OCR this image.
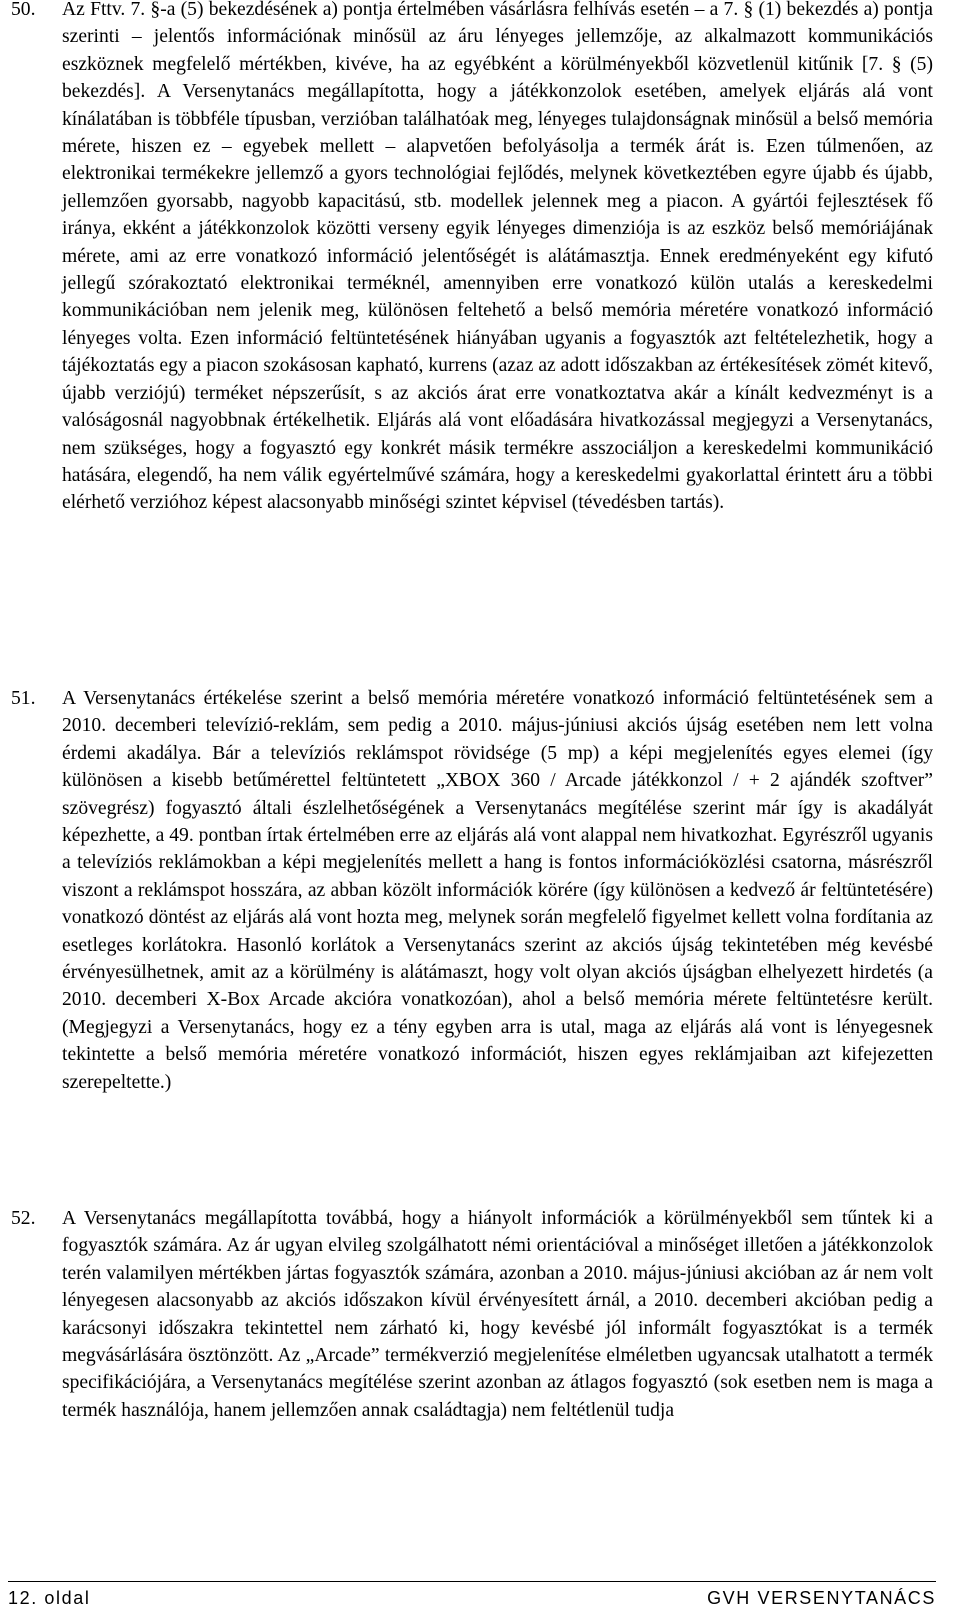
50. Az Fttv. 7. §-a (5) bekezdésének a) pontja értelmében vásárlásra felhívás esetén – a 7. § (1) bekezdés a) pontja szerinti – jelentős információnak minősül az áru lényeges jellemzője, az alkalmazott kommunikációs eszköznek megfelelő mértékben, kivéve, ha az egyébként a körülményekből közvetlenül kitűnik [7. § (5) bekezdés]. A Versenytanács megállapította, hogy a játékkonzolok esetében, amelyek eljárás alá vont kínálatában is többféle típusban, verzióban találhatóak meg, lényeges tulajdonságnak minősül a belső memória mérete, hiszen ez – egyebek mellett – alapvetően befolyásolja a termék árát is. Ezen túlmenően, az elektronikai termékekre jellemző a gyors technológiai fejlődés, melynek következtében egyre újabb és újabb, jellemzően gyorsabb, nagyobb kapacitású, stb. modellek jelennek meg a piacon. A gyártói fejlesztések fő iránya, ekként a játékkonzolok közötti verseny egyik lényeges dimenziója is az eszköz belső memóriájának mérete, ami az erre vonatkozó információ jelentőségét is alátámasztja. Ennek eredményeként egy kifutó jellegű szórakoztató elektronikai terméknél, amennyiben erre vonatkozó külön utalás a kereskedelmi kommunikációban nem jelenik meg, különösen feltehető a belső memória méretére vonatkozó információ lényeges volta. Ezen információ feltüntetésének hiányában ugyanis a fogyasztók azt feltételezhetik, hogy a tájékoztatás egy a piacon szokásosan kapható, kurrens (azaz az adott időszakban az értékesítések zömét kitevő, újabb verziójú) terméket népszerűsít, s az akciós árat erre vonatkoztatva akár a kínált kedvezményt is a valóságosnál nagyobbnak értékelhetik. Eljárás alá vont előadására hivatkozással megjegyzi a Versenytanács, nem szükséges, hogy a fogyasztó egy konkrét másik termékre asszociáljon a kereskedelmi kommunikáció hatására, elegendő, ha nem válik egyértelművé számára, hogy a kereskedelmi gyakorlattal érintett áru a többi elérhető verzióhoz képest alacsonyabb minőségi szintet képvisel (tévedésben tartás).

51. A Versenytanács értékelése szerint a belső memória méretére vonatkozó információ feltüntetésének sem a 2010. decemberi televízió-reklám, sem pedig a 2010. május-júniusi akciós újság esetében nem lett volna érdemi akadálya. Bár a televíziós reklámspot rövidsége (5 mp) a képi megjelenítés egyes elemei (így különösen a kisebb betűmérettel feltüntetett „XBOX 360 / Arcade játékkonzol / + 2 ajándék szoftver” szövegrész) fogyasztó általi észlelhetőségének a Versenytanács megítélése szerint már így is akadályát képezhette, a 49. pontban írtak értelmében erre az eljárás alá vont alappal nem hivatkozhat. Egyrészről ugyanis a televíziós reklámokban a képi megjelenítés mellett a hang is fontos információközlési csatorna, másrészről viszont a reklámspot hosszára, az abban közölt információk körére (így különösen a kedvező ár feltüntetésére) vonatkozó döntést az eljárás alá vont hozta meg, melynek során megfelelő figyelmet kellett volna fordítania az esetleges korlátokra. Hasonló korlátok a Versenytanács szerint az akciós újság tekintetében még kevésbé érvényesülhetnek, amit az a körülmény is alátámaszt, hogy volt olyan akciós újságban elhelyezett hirdetés (a 2010. decemberi X-Box Arcade akcióra vonatkozóan), ahol a belső memória mérete feltüntetésre került. (Megjegyzi a Versenytanács, hogy ez a tény egyben arra is utal, maga az eljárás alá vont is lényegesnek tekintette a belső memória méretére vonatkozó információt, hiszen egyes reklámjaiban azt kifejezetten szerepeltette.)

52. A Versenytanács megállapította továbbá, hogy a hiányolt információk a körülményekből sem tűntek ki a fogyasztók számára. Az ár ugyan elvileg szolgálhatott némi orientációval a minőséget illetően a játékkonzolok terén valamilyen mértékben jártas fogyasztók számára, azonban a 2010. május-júniusi akcióban az ár nem volt lényegesen alacsonyabb az akciós időszakon kívül érvényesített árnál, a 2010. decemberi akcióban pedig a karácsonyi időszakra tekintettel nem zárható ki, hogy kevésbé jól informált fogyasztókat is a termék megvásárlására ösztönzött. Az „Arcade” termékverzió megjelenítése elméletben ugyancsak utalhatott a termék specifikációjára, a Versenytanács megítélése szerint azonban az átlagos fogyasztó (sok esetben nem is maga a termék használója, hanem jellemzően annak családtagja) nem feltétlenül tudja

12. oldal	GVH VERSENYTANÁCS
